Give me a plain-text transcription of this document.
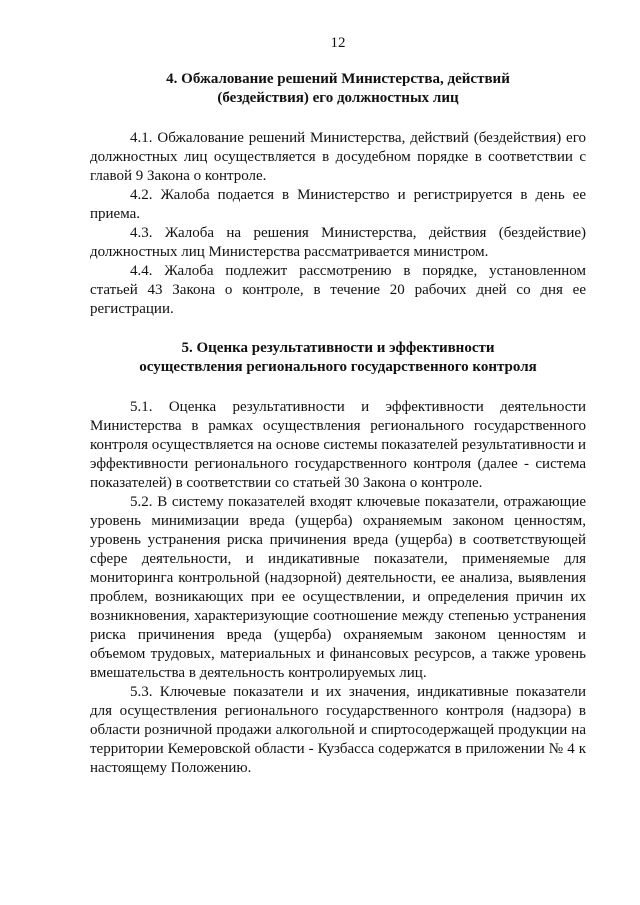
12
4. Обжалование решений Министерства, действий
(бездействия) его должностных лиц

4.1. Обжалование решений Министерства, действий (бездействия) его должностных лиц осуществляется в досудебном порядке в соответствии с главой 9 Закона о контроле.

4.2. Жалоба подается в Министерство и регистрируется в день ее приема.

4.3. Жалоба на решения Министерства, действия (бездействие) должностных лиц Министерства рассматривается министром.

4.4. Жалоба подлежит рассмотрению в порядке, установленном статьей 43 Закона о контроле, в течение 20 рабочих дней со дня ее регистрации.

5. Оценка результативности и эффективности
осуществления регионального государственного контроля

5.1. Оценка результативности и эффективности деятельности Министерства в рамках осуществления регионального государственного контроля осуществляется на основе системы показателей результативности и эффективности регионального государственного контроля (далее - система показателей) в соответствии со статьей 30 Закона о контроле.

5.2. В систему показателей входят ключевые показатели, отражающие уровень минимизации вреда (ущерба) охраняемым законом ценностям, уровень устранения риска причинения вреда (ущерба) в соответствующей сфере деятельности, и индикативные показатели, применяемые для мониторинга контрольной (надзорной) деятельности, ее анализа, выявления проблем, возникающих при ее осуществлении, и определения причин их возникновения, характеризующие соотношение между степенью устранения риска причинения вреда (ущерба) охраняемым законом ценностям и объемом трудовых, материальных и финансовых ресурсов, а также уровень вмешательства в деятельность контролируемых лиц.

5.3. Ключевые показатели и их значения, индикативные показатели для осуществления регионального государственного контроля (надзора) в области розничной продажи алкогольной и спиртосодержащей продукции на территории Кемеровской области - Кузбасса содержатся в приложении № 4 к настоящему Положению.
